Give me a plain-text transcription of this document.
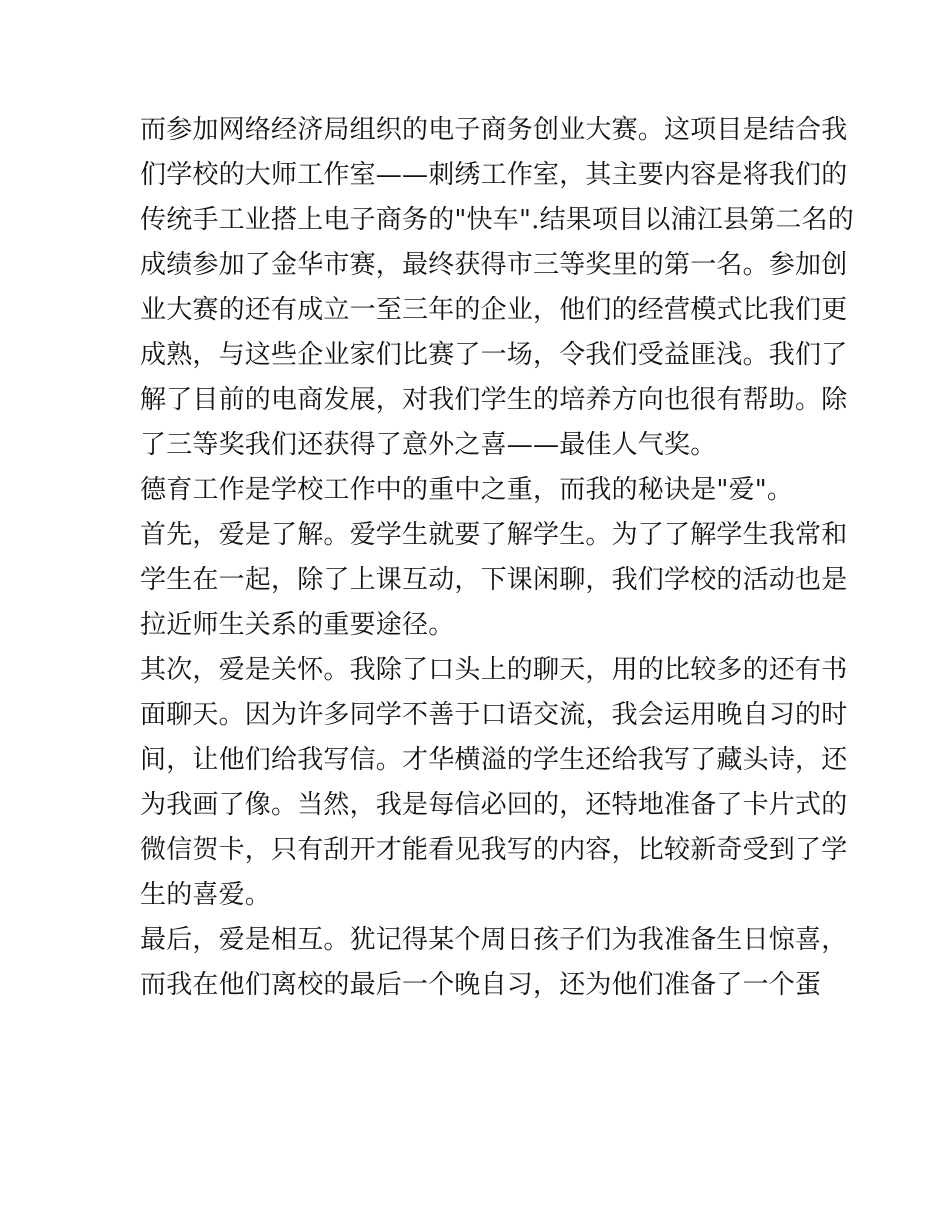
而参加网络经济局组织的电子商务创业大赛。这项目是结合我
们学校的大师工作室——刺绣工作室，其主要内容是将我们的
传统手工业搭上电子商务的"快车".结果项目以浦江县第二名的
成绩参加了金华市赛，最终获得市三等奖里的第一名。参加创
业大赛的还有成立一至三年的企业，他们的经营模式比我们更
成熟，与这些企业家们比赛了一场，令我们受益匪浅。我们了
解了目前的电商发展，对我们学生的培养方向也很有帮助。除
了三等奖我们还获得了意外之喜——最佳人气奖。
德育工作是学校工作中的重中之重，而我的秘诀是"爱"。
首先，爱是了解。爱学生就要了解学生。为了了解学生我常和
学生在一起，除了上课互动，下课闲聊，我们学校的活动也是
拉近师生关系的重要途径。
其次，爱是关怀。我除了口头上的聊天，用的比较多的还有书
面聊天。因为许多同学不善于口语交流，我会运用晚自习的时
间，让他们给我写信。才华横溢的学生还给我写了藏头诗，还
为我画了像。当然，我是每信必回的，还特地准备了卡片式的
微信贺卡，只有刮开才能看见我写的内容，比较新奇受到了学
生的喜爱。
最后，爱是相互。犹记得某个周日孩子们为我准备生日惊喜，
而我在他们离校的最后一个晚自习，还为他们准备了一个蛋
